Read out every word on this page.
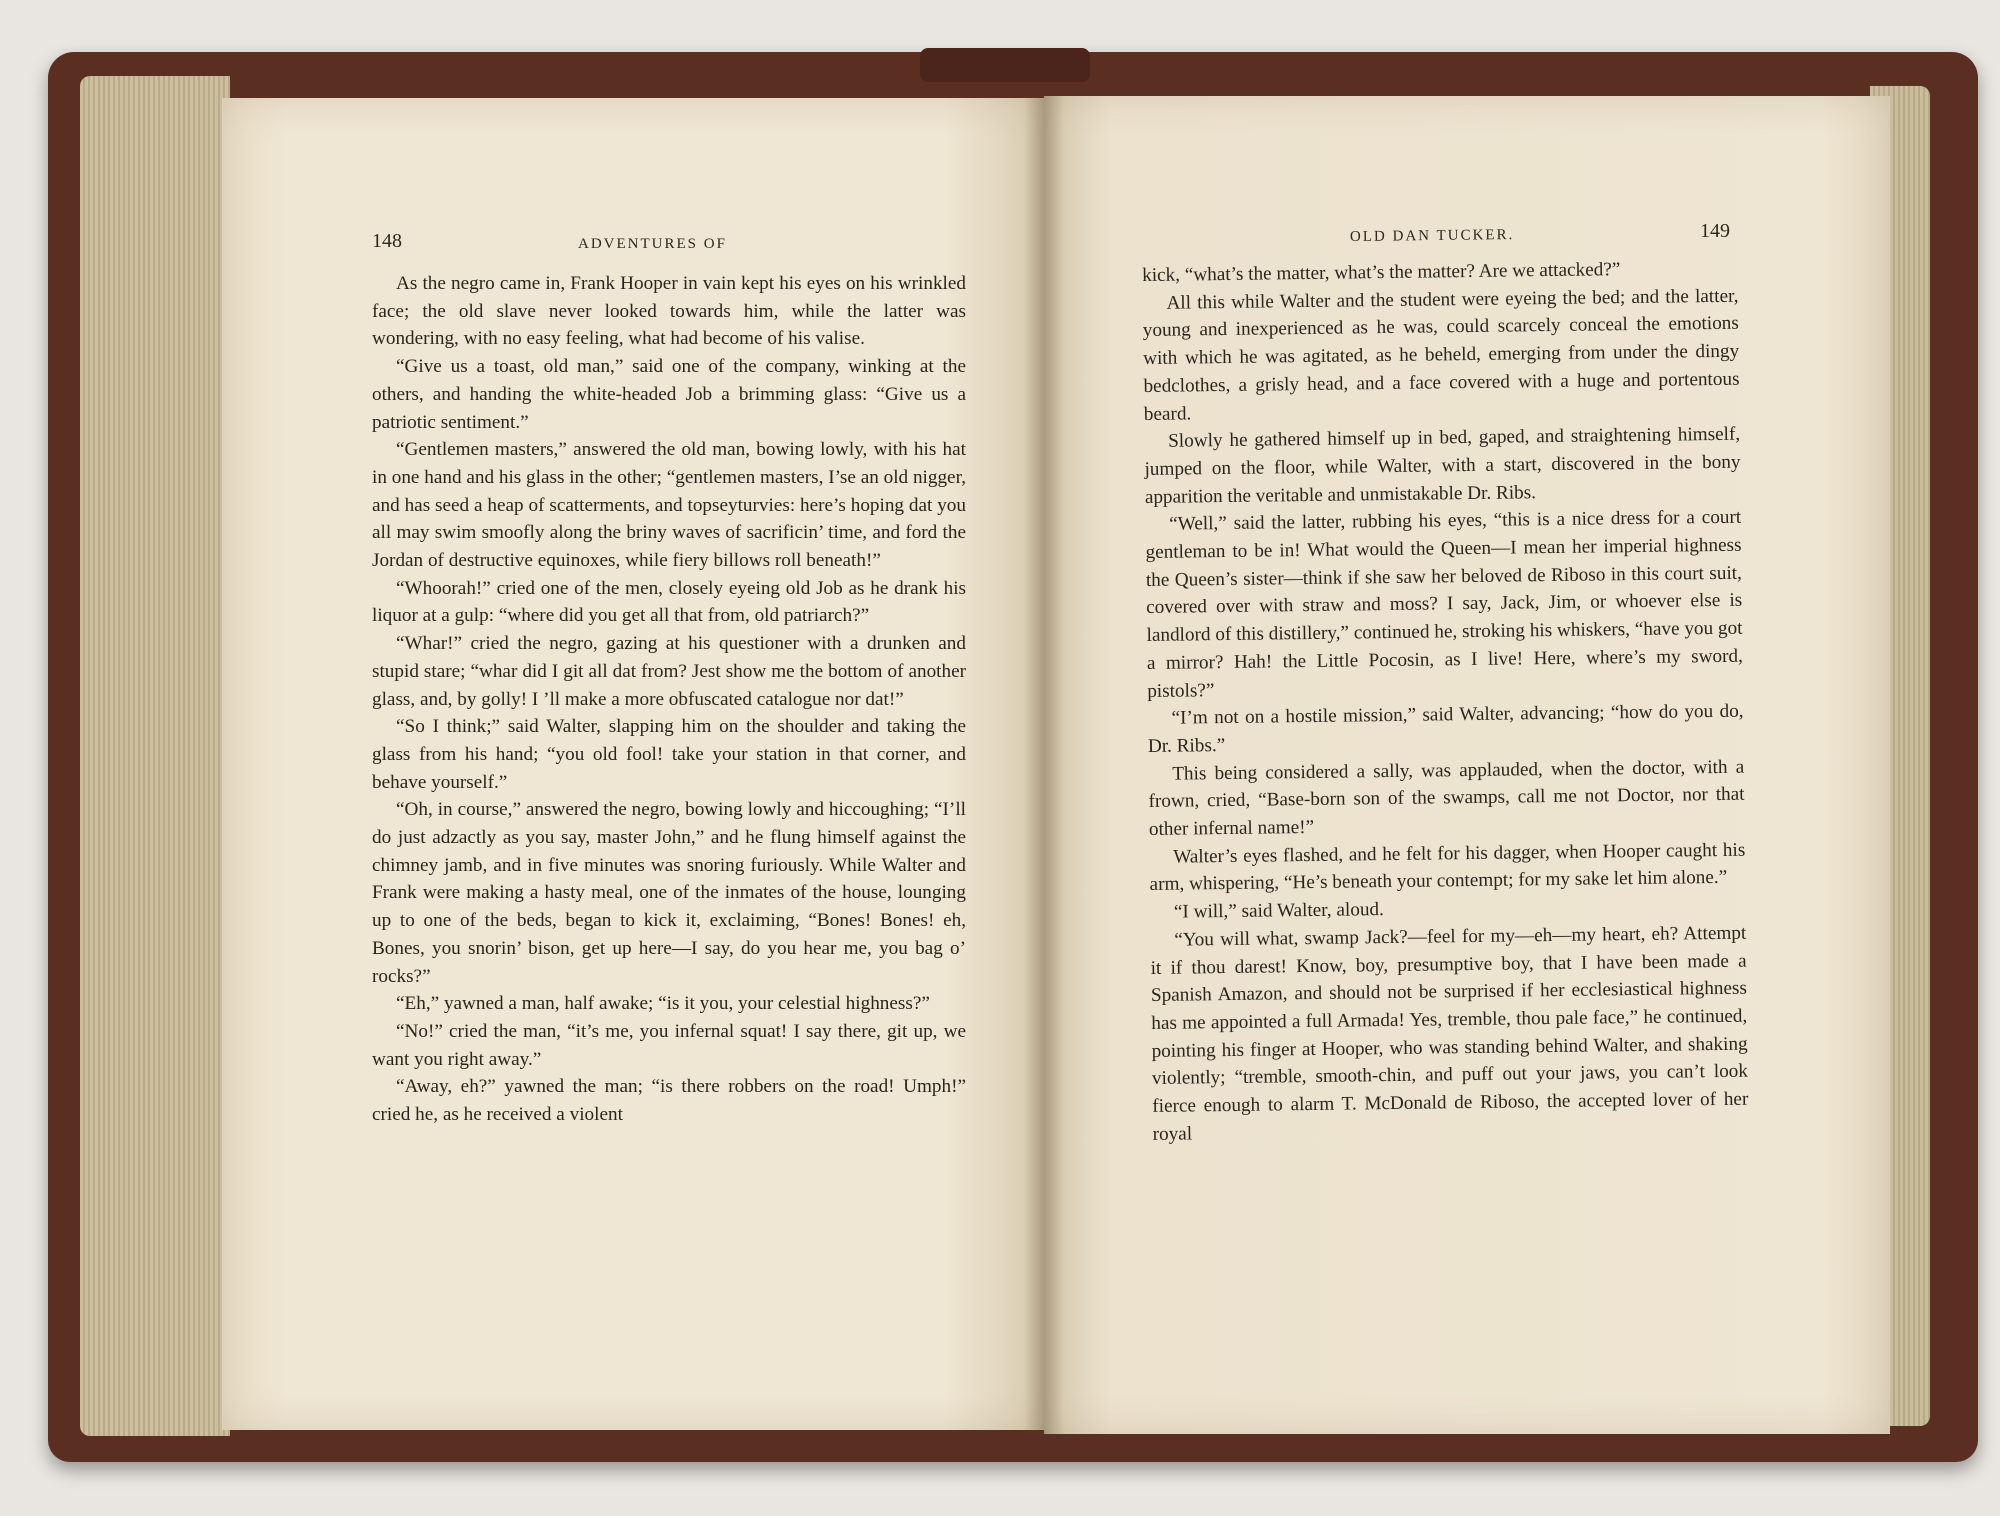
148	ADVENTURES OF

As the negro came in, Frank Hooper in vain kept his eyes on his wrinkled face; the old slave never looked towards him, while the latter was wondering, with no easy feeling, what had become of his valise.

“Give us a toast, old man,” said one of the company, winking at the others, and handing the white-headed Job a brimming glass: “Give us a patriotic sentiment.”

“Gentlemen masters,” answered the old man, bowing lowly, with his hat in one hand and his glass in the other; “gentlemen masters, I’se an old nigger, and has seed a heap of scatterments, and topseyturvies: here’s hoping dat you all may swim smoofly along the briny waves of sacrificin’ time, and ford the Jordan of destructive equinoxes, while fiery billows roll beneath!”

“Whoorah!” cried one of the men, closely eyeing old Job as he drank his liquor at a gulp: “where did you get all that from, old patriarch?”

“Whar!” cried the negro, gazing at his questioner with a drunken and stupid stare; “whar did I git all dat from? Jest show me the bottom of another glass, and, by golly! I ’ll make a more obfuscated catalogue nor dat!”

“So I think;” said Walter, slapping him on the shoulder and taking the glass from his hand; “you old fool! take your station in that corner, and behave yourself.”

“Oh, in course,” answered the negro, bowing lowly and hiccoughing; “I’ll do just adzactly as you say, master John,” and he flung himself against the chimney jamb, and in five minutes was snoring furiously. While Walter and Frank were making a hasty meal, one of the inmates of the house, lounging up to one of the beds, began to kick it, exclaiming, “Bones! Bones! eh, Bones, you snorin’ bison, get up here—I say, do you hear me, you bag o’ rocks?”

“Eh,” yawned a man, half awake; “is it you, your celestial highness?”

“No!” cried the man, “it’s me, you infernal squat! I say there, git up, we want you right away.”

“Away, eh?” yawned the man; “is there robbers on the road! Umph!” cried he, as he received a violent

OLD DAN TUCKER.	149

kick, “what’s the matter, what’s the matter? Are we attacked?”

All this while Walter and the student were eyeing the bed; and the latter, young and inexperienced as he was, could scarcely conceal the emotions with which he was agitated, as he beheld, emerging from under the dingy bedclothes, a grisly head, and a face covered with a huge and portentous beard.

Slowly he gathered himself up in bed, gaped, and straightening himself, jumped on the floor, while Walter, with a start, discovered in the bony apparition the veritable and unmistakable Dr. Ribs.

“Well,” said the latter, rubbing his eyes, “this is a nice dress for a court gentleman to be in! What would the Queen—I mean her imperial highness the Queen’s sister—think if she saw her beloved de Riboso in this court suit, covered over with straw and moss? I say, Jack, Jim, or whoever else is landlord of this distillery,” continued he, stroking his whiskers, “have you got a mirror? Hah! the Little Pocosin, as I live! Here, where’s my sword, pistols?”

“I’m not on a hostile mission,” said Walter, advancing; “how do you do, Dr. Ribs.”

This being considered a sally, was applauded, when the doctor, with a frown, cried, “Base-born son of the swamps, call me not Doctor, nor that other infernal name!”

Walter’s eyes flashed, and he felt for his dagger, when Hooper caught his arm, whispering, “He’s beneath your contempt; for my sake let him alone.”

“I will,” said Walter, aloud.

“You will what, swamp Jack?—feel for my—eh—my heart, eh? Attempt it if thou darest! Know, boy, presumptive boy, that I have been made a Spanish Amazon, and should not be surprised if her ecclesiastical highness has me appointed a full Armada! Yes, tremble, thou pale face,” he continued, pointing his finger at Hooper, who was standing behind Walter, and shaking violently; “tremble, smooth-chin, and puff out your jaws, you can’t look fierce enough to alarm T. McDonald de Riboso, the accepted lover of her royal
